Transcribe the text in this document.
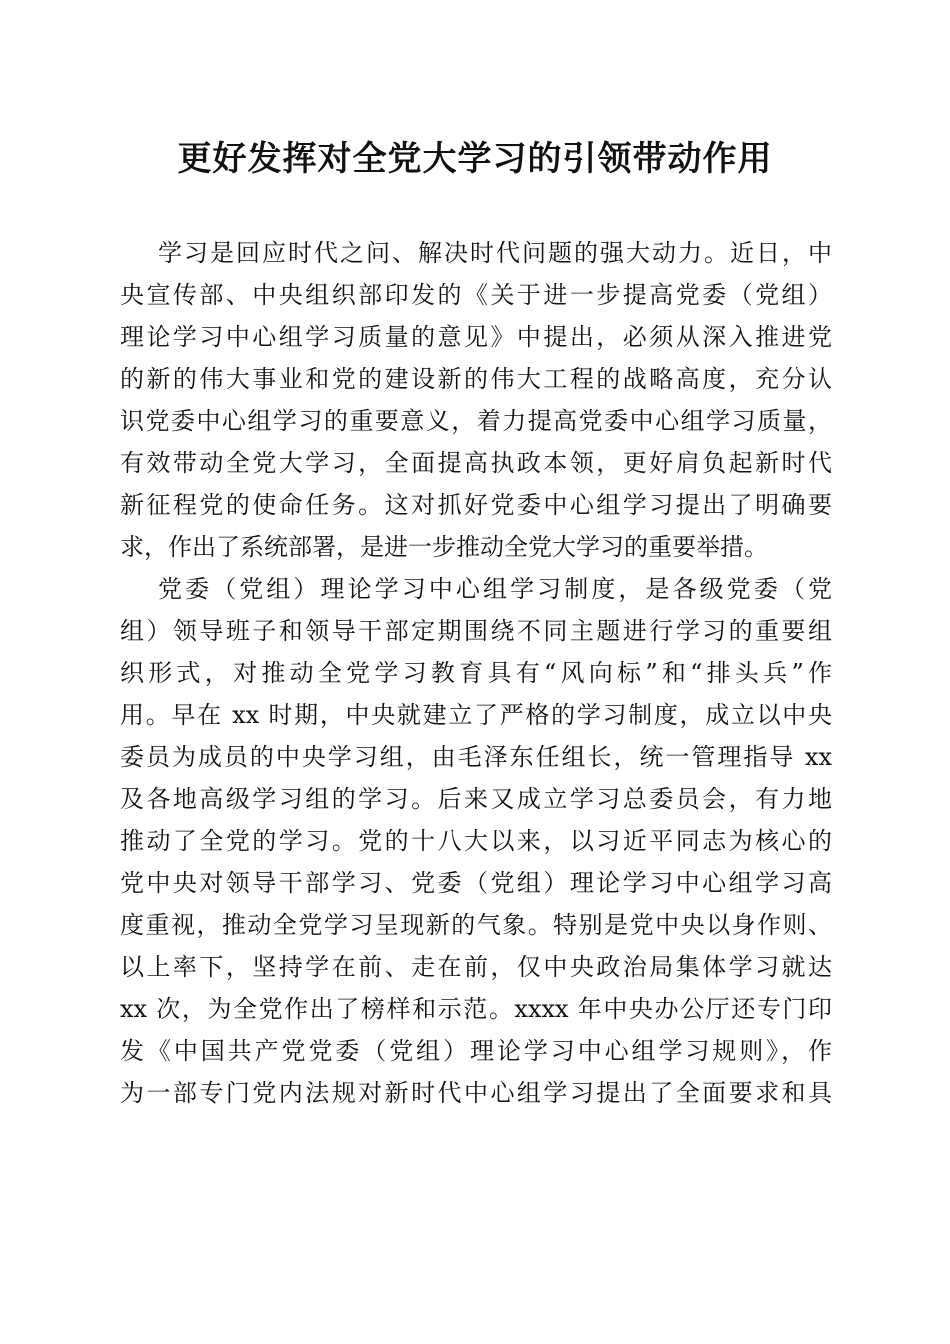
更好发挥对全党大学习的引领带动作用
学习是回应时代之问、解决时代问题的强大动力。近日，中
央宣传部、中央组织部印发的《关于进一步提高党委（党组）
理论学习中心组学习质量的意见》中提出，必须从深入推进党
的新的伟大事业和党的建设新的伟大工程的战略高度，充分认
识党委中心组学习的重要意义，着力提高党委中心组学习质量，
有效带动全党大学习，全面提高执政本领，更好肩负起新时代
新征程党的使命任务。这对抓好党委中心组学习提出了明确要
求，作出了系统部署，是进一步推动全党大学习的重要举措。
党委（党组）理论学习中心组学习制度，是各级党委（党
组）领导班子和领导干部定期围绕不同主题进行学习的重要组
织形式，对推动全党学习教育具有“风向标”和“排头兵”作
用。早在 xx 时期，中央就建立了严格的学习制度，成立以中央
委员为成员的中央学习组，由毛泽东任组长，统一管理指导 xx
及各地高级学习组的学习。后来又成立学习总委员会，有力地
推动了全党的学习。党的十八大以来，以习近平同志为核心的
党中央对领导干部学习、党委（党组）理论学习中心组学习高
度重视，推动全党学习呈现新的气象。特别是党中央以身作则、
以上率下，坚持学在前、走在前，仅中央政治局集体学习就达
xx 次，为全党作出了榜样和示范。xxxx 年中央办公厅还专门印
发《中国共产党党委（党组）理论学习中心组学习规则》，作
为一部专门党内法规对新时代中心组学习提出了全面要求和具
